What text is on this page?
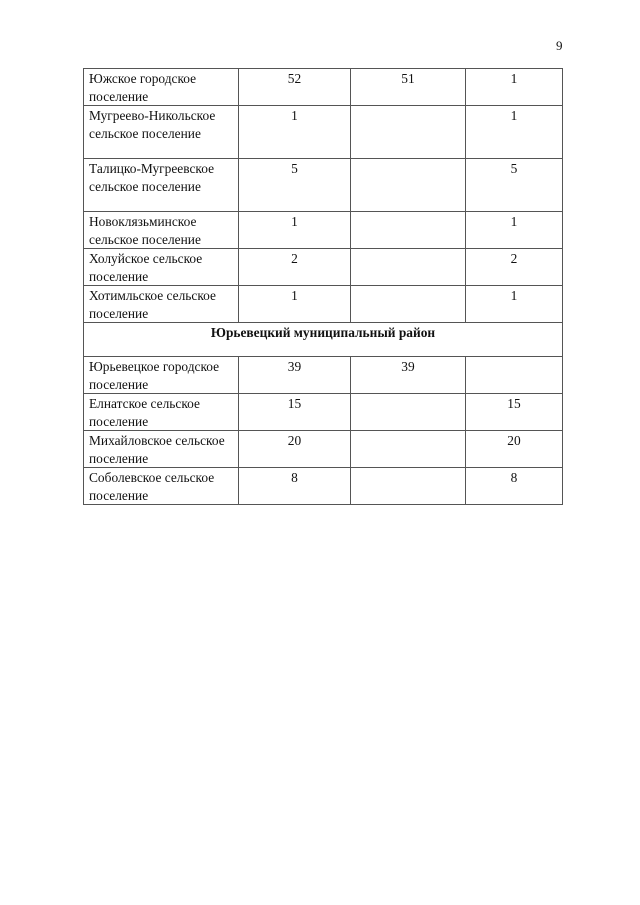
9
Южское городское поселение	52	51	1
Мугреево-Никольское сельское поселение	1		1
Талицко-Мугреевское сельское поселение	5		5
Новоклязьминское сельское поселение	1		1
Холуйское сельское поселение	2		2
Хотимльское сельское поселение	1		1
Юрьевецкий муниципальный район			
Юрьевецкое городское поселение	39	39	
Елнатское сельское поселение	15		15
Михайловское сельское поселение	20		20
Соболевское сельское поселение	8		8
